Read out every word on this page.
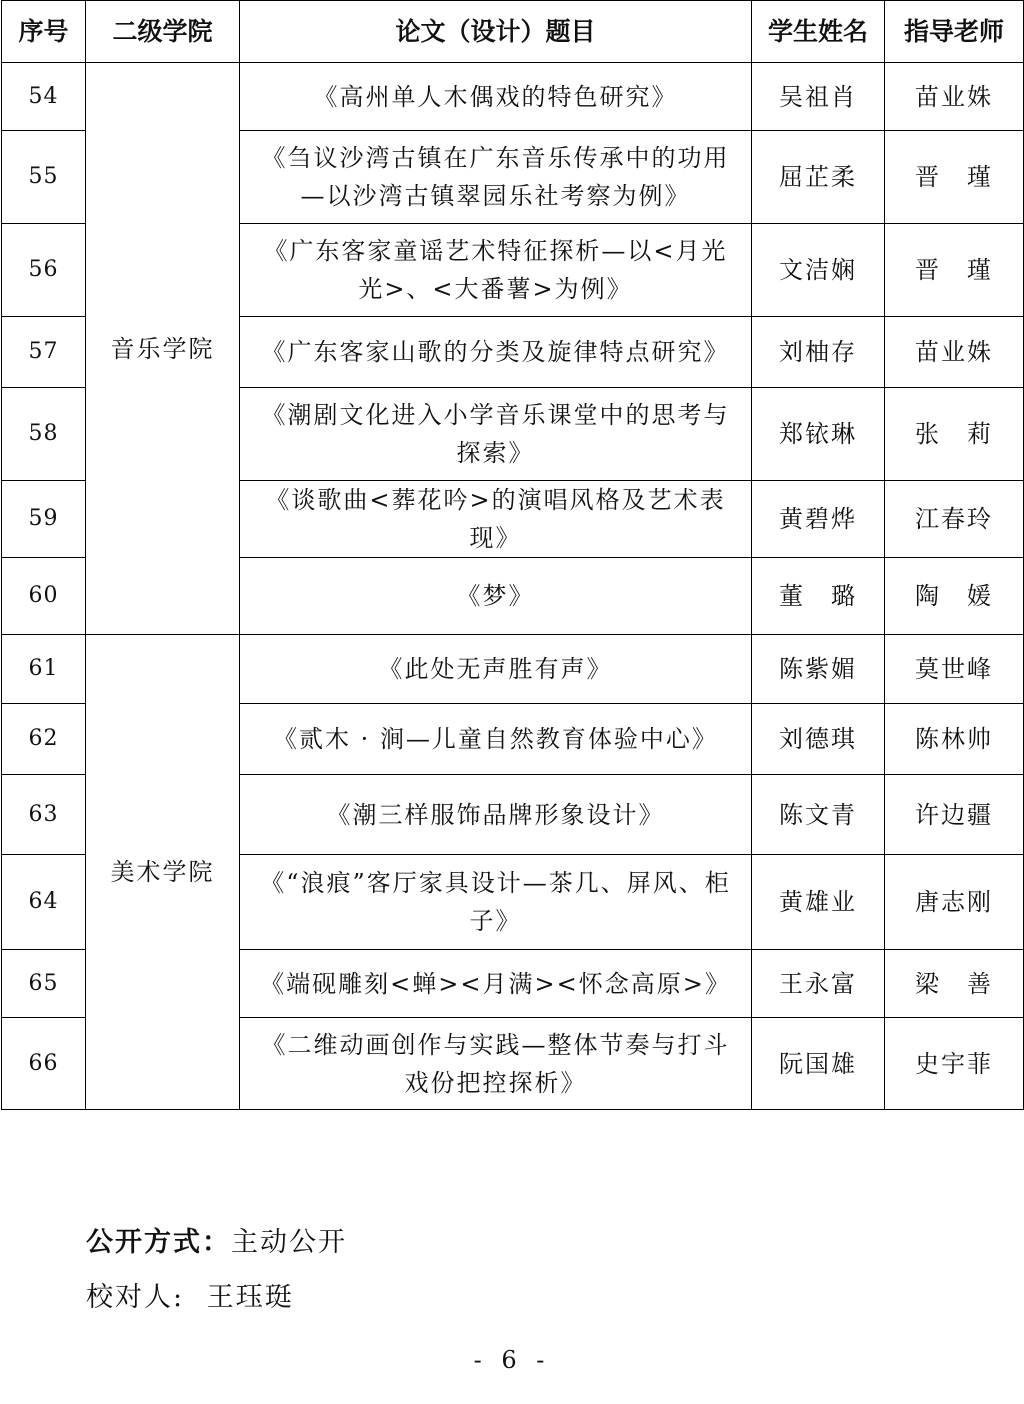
序号	二级学院	论文（设计）题目	学生姓名	指导老师
54	音乐学院	《高州单人木偶戏的特色研究》	吴祖肖	苗业姝
55		《刍议沙湾古镇在广东音乐传承中的功用
—以沙湾古镇翠园乐社考察为例》	屈芷柔	晋　瑾
56		《广东客家童谣艺术特征探析—以<月光
光>、<大番薯>为例》	文洁娴	晋　瑾
57		《广东客家山歌的分类及旋律特点研究》	刘柚存	苗业姝
58		《潮剧文化进入小学音乐课堂中的思考与
探索》	郑铱琳	张　莉
59		《谈歌曲<葬花吟>的演唱风格及艺术表现》	黄碧烨	江春玲
60		《梦》	董　璐	陶　媛
61	美术学院	《此处无声胜有声》	陈紫媚	莫世峰
62		《贰木 · 涧—儿童自然教育体验中心》	刘德琪	陈林帅
63		《潮三样服饰品牌形象设计》	陈文青	许边疆
64		《“浪痕”客厅家具设计—茶几、屏风、柜
子》	黄雄业	唐志刚
65		《端砚雕刻<蝉><月满><怀念高原>》	王永富	梁　善
66		《二维动画创作与实践—整体节奏与打斗
戏份把控探析》	阮国雄	史宇菲
公开方式：主动公开
校对人: 王珏珽
- 6 -
